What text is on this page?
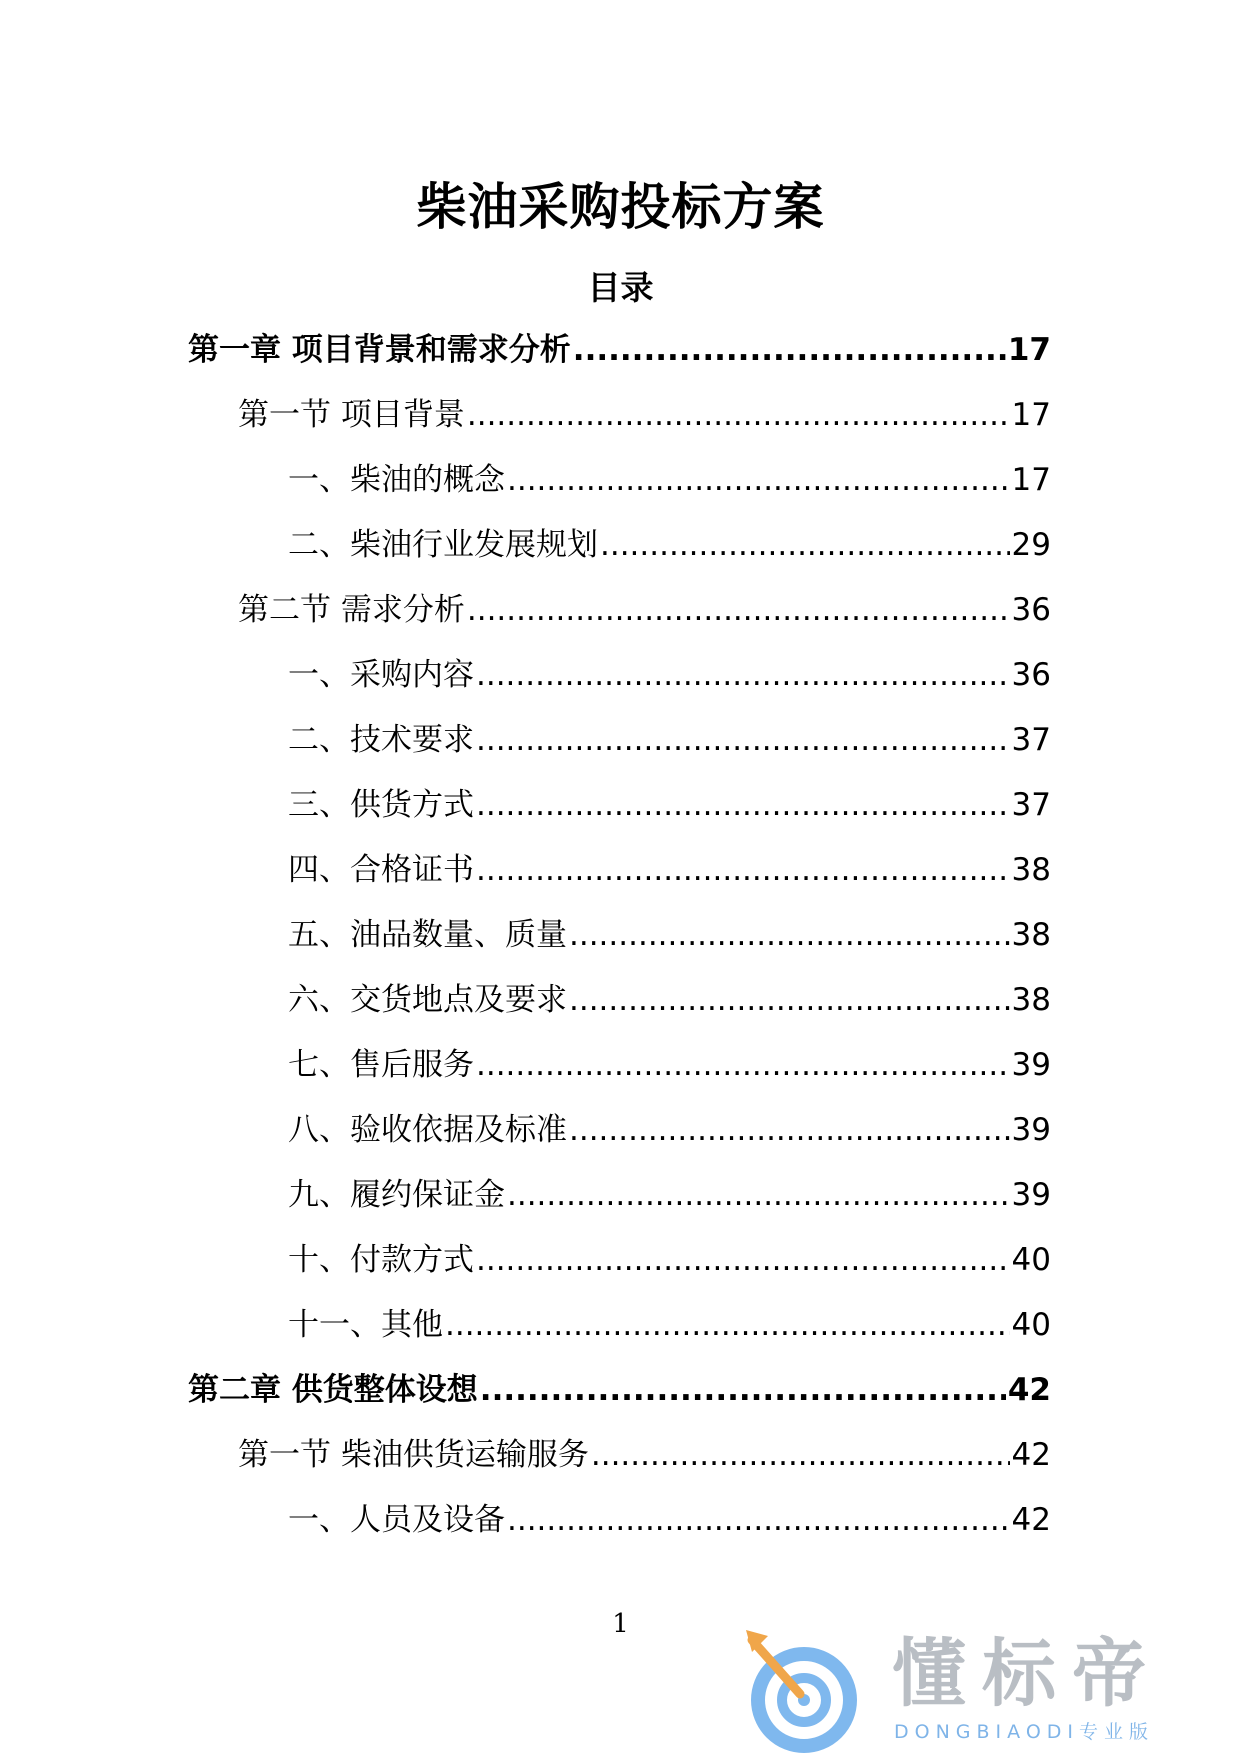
柴油采购投标方案
目录
第一章 项目背景和需求分析 .....	17
第一节 项目背景 .....	17
一、柴油的概念 .....	17
二、柴油行业发展规划 .....	29
第二节 需求分析 .....	36
一、采购内容 .....	36
二、技术要求 .....	37
三、供货方式 .....	37
四、合格证书 .....	38
五、油品数量、质量 .....	38
六、交货地点及要求 .....	38
七、售后服务 .....	39
八、验收依据及标准 .....	39
九、履约保证金 .....	39
十、付款方式 .....	40
十一、其他 .....	40
第二章 供货整体设想 .....	42
第一节 柴油供货运输服务 .....	42
一、人员及设备 .....	42
1
懂标帝
DONGBIAODI专业版
